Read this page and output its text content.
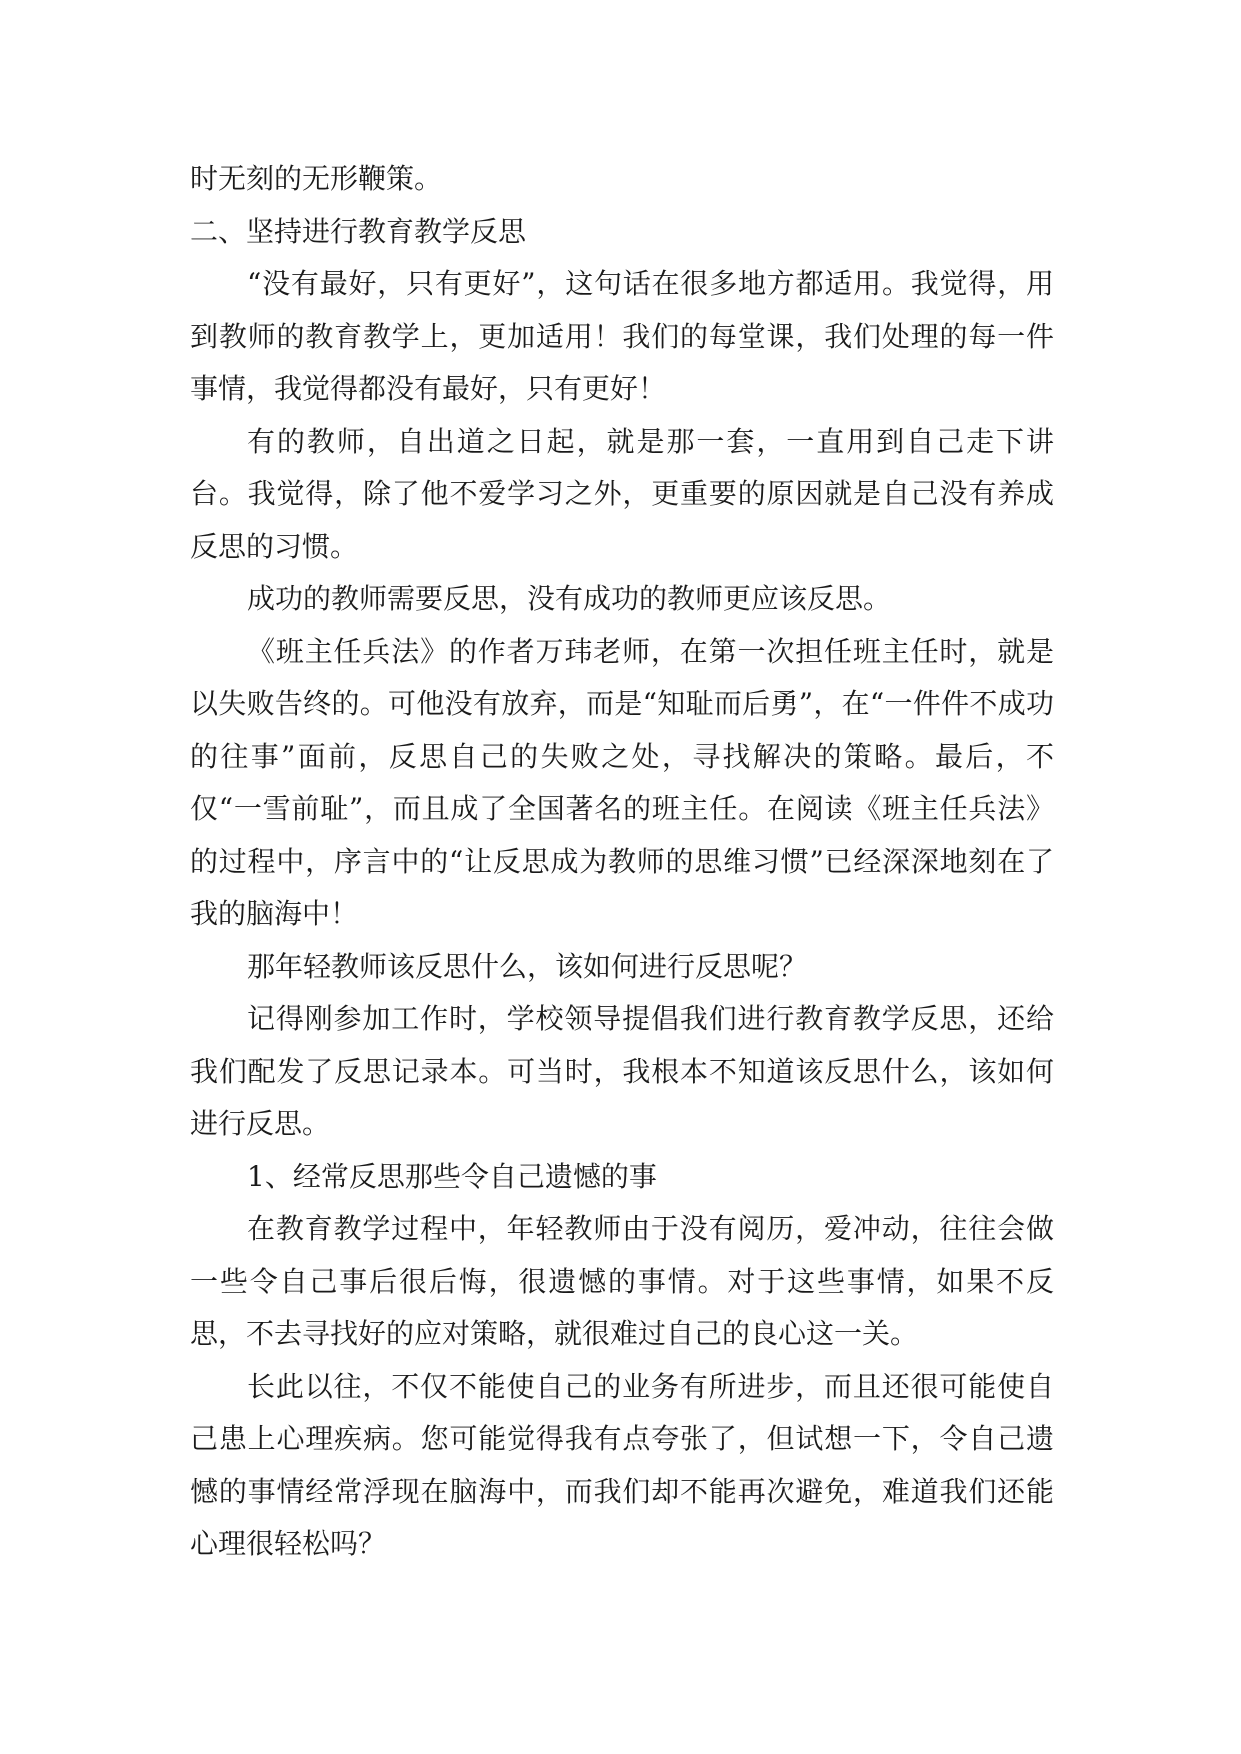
时无刻的无形鞭策。

二、坚持进行教育教学反思

“没有最好，只有更好”，这句话在很多地方都适用。我觉得，用到教师的教育教学上，更加适用！我们的每堂课，我们处理的每一件事情，我觉得都没有最好，只有更好！

有的教师，自出道之日起，就是那一套，一直用到自己走下讲台。我觉得，除了他不爱学习之外，更重要的原因就是自己没有养成反思的习惯。

成功的教师需要反思，没有成功的教师更应该反思。

《班主任兵法》的作者万玮老师，在第一次担任班主任时，就是以失败告终的。可他没有放弃，而是“知耻而后勇”，在“一件件不成功的往事”面前，反思自己的失败之处，寻找解决的策略。最后，不仅“一雪前耻”，而且成了全国著名的班主任。在阅读《班主任兵法》的过程中，序言中的“让反思成为教师的思维习惯”已经深深地刻在了我的脑海中！

那年轻教师该反思什么，该如何进行反思呢？

记得刚参加工作时，学校领导提倡我们进行教育教学反思，还给我们配发了反思记录本。可当时，我根本不知道该反思什么，该如何进行反思。

1、经常反思那些令自己遗憾的事

在教育教学过程中，年轻教师由于没有阅历，爱冲动，往往会做一些令自己事后很后悔，很遗憾的事情。对于这些事情，如果不反思，不去寻找好的应对策略，就很难过自己的良心这一关。

长此以往，不仅不能使自己的业务有所进步，而且还很可能使自己患上心理疾病。您可能觉得我有点夸张了，但试想一下，令自己遗憾的事情经常浮现在脑海中，而我们却不能再次避免，难道我们还能心理很轻松吗？
